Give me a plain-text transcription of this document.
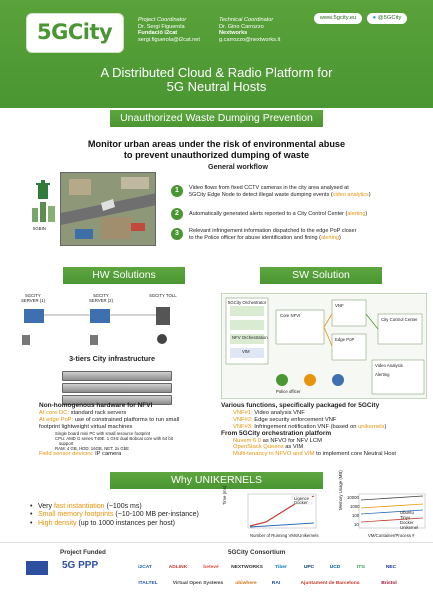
5GCity	Project Coordinator
Dr. Sergi Figuerola
Fundació i2cat
sergi.figuerola@i2cat.net
Technical Coordinator
Dr. Gino Carrozzo
Nextworks
g.carrozzo@nextworks.it
www.5gcity.eu	● @5GCity
A Distributed Cloud & Radio Platform for
5G Neutral Hosts
Unauthorized Waste Dumping Prevention
Monitor urban areas under the risk of environmental abuse
to prevent unauthorized dumping of waste
5GBIN
General workflow
1	Video flows from fixed CCTV cameras in the city area analysed at
5GCity Edge Node to detect illegal waste dumping events (video analytics)
2	Automatically generated alerts reported to a City Control Center (alerting)
3	Relevant infringement information dispatched to the edge PoP closer
to the Police officer for abuse identification and fining (alerting)
HW Solutions	SW Solution
5GCITY SERVER (1)
5GCITY SERVER (2)
5GCITY TOLL
3-tiers City infrastructure
5GCity Orchestrator
NFV Orchestration
VIM
Core NFVI
VNF
Edge PoP
City Control Center
Video Analysis
Alerting
Police officer
Non-homogenous hardware for NFVI
At core DC: standard rack servers
At edge PoP: use of constrained platforms to run small
footprint lightweight virtual machines
Single board mini PC with small resource footprint
CPU: AMD G series T40E. 1 GHz dual Bobcat core with 64 bit
support
RAM: 4 GB, HDD: 16GB, NET: 2x GbE
Field sensor devices: IP camera
Various functions, specifically packaged for 5GCity
VNF#1: Video analysis VNF
VNF#2: Edge security enforcement VNF
VNF#3: Infringement notification VNF (based on unikernels)
From 5GCity orchestration platform
Nuvem 6.0 as NFVO for NFV LCM
OpenStack Queens as VIM
Multi-tenancy in NFVO and VIM to implement core Neutral Host
Why UNIKERNELS
• Very fast instantiation (~100s ms)
• Small memory footprints (~10-100 MB per-instance)
• High density (up to 1000 instances per host)
Ligence
Docker
Time (ms)
Number of Running VMs/Unikernels
10000
1000
100
10
Ubuntu
Tinyx
Docker
Unikernel
Memory Usage (MB)
VM/Container/Process #
Project Funded
5G PPP
5GCity Consortium
i2CAT	ADLINK	betevé	NEXTWORKS	Tiber	UPC	UCD	ITG	NEC
ITALTEL	Virtual Open Systems	ubiwhere	RAI	Ajuntament de Barcelona	Bristol
